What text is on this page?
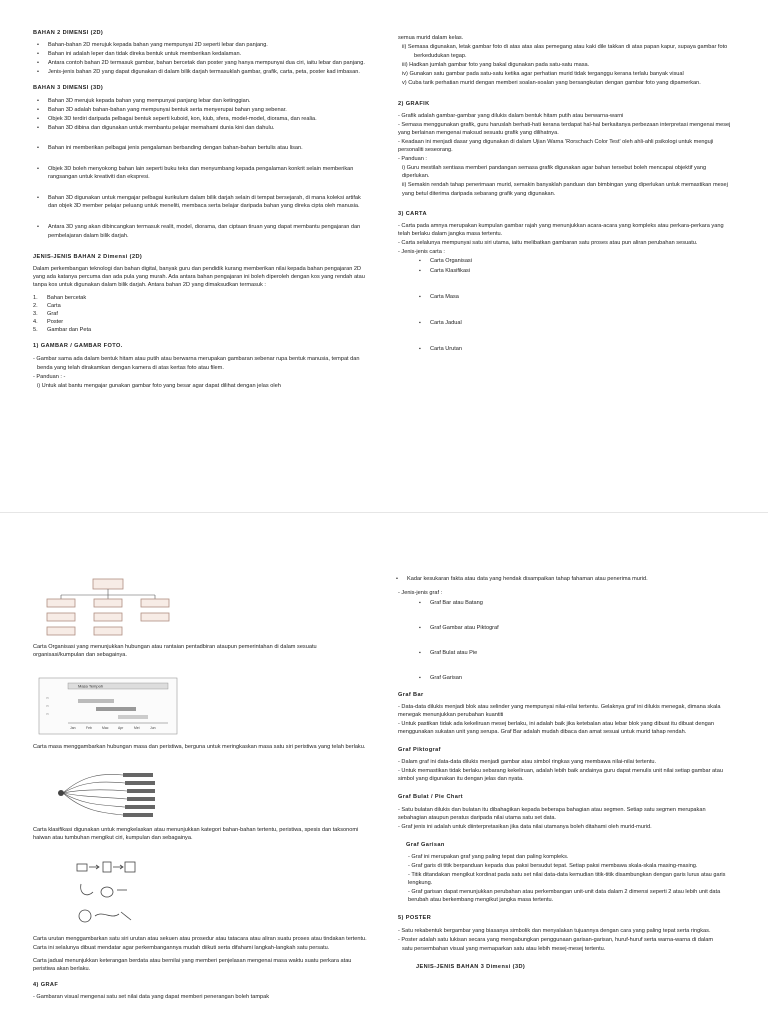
BAHAN 2 DIMENSI (2D)
• Bahan-bahan 2D merujuk kepada bahan yang mempunyai 2D seperti lebar dan panjang.
• Bahan ini adalah leper dan tidak direka bentuk untuk memberikan kedalaman.
• Antara contoh bahan 2D termasuk gambar, bahan bercetak dan poster yang hanya mempunyai dua ciri, iaitu lebar dan panjang.
• Jenis-jenis bahan 2D yang dapat digunakan di dalam bilik darjah termasuklah gambar, grafik, carta, peta, poster kad imbasan.
BAHAN 3 DIMENSI (3D)
• Bahan 3D merujuk kepada bahan yang mempunyai panjang lebar dan ketinggian.
• Bahan 3D adalah bahan-bahan yang mempunyai bentuk serta menyerupai bahan yang sebenar.
• Objek 3D terdiri daripada pelbagai bentuk seperti kuboid, kon, kiub, sfera, model-model, diorama, dan realia.
• Bahan 3D dibina dan digunakan untuk membantu pelajar memahami dunia kini dan dahulu.
• Bahan ini memberikan pelbagai jenis pengalaman berbanding dengan bahan-bahan bertulis atau lisan.
• Objek 3D boleh menyokong bahan lain seperti buku teks dan menyumbang kepada pengalaman konkrit selain memberikan rangsangan untuk kreativiti dan ekspresi.
• Bahan 3D digunakan untuk mengajar pelbagai kurikulum dalam bilik darjah selain di tempat bersejarah, di mana koleksi artifak dan objek 3D member pelajar peluang untuk meneliti, membaca serta belajar daripada bahan yang direka cipta oleh manusia.
• Antara 3D yang akan dibincangkan termasuk realit, model, diorama, dan ciptaan tiruan yang dapat membantu pengajaran dan pembelajaran dalam bilik darjah.
JENIS-JENIS BAHAN 2 Dimensi (2D)

Dalam perkembangan teknologi dan bahan digital, banyak guru dan pendidik kurang memberikan nilai kepada bahan pengajaran 2D yang ada katanya percuma dan ada pula yang murah. Ada antara bahan pengajaran ini boleh diperoleh dengan kos yang rendah atau tanpa kos untuk digunakan dalam bilik darjah. Antara bahan 2D yang dimaksudkan termasuk :

1. Bahan bercetak
2. Carta
3. Graf
4. Poster
5. Gambar dan Peta
1) GAMBAR / GAMBAR FOTO.
- Gambar sama ada dalam bentuk hitam atau putih atau berwarna merupakan gambaran sebenar rupa bentuk manusia, tempat dan
benda yang telah dirakamkan dengan kamera di atas kertas foto atau filem.
- Panduan : -
i) Untuk alat bantu mengajar gunakan gambar foto yang besar agar dapat dilihat dengan jelas oleh
semua murid dalam kelas.
ii) Semasa digunakan, letak gambar foto di atas atas alas pemegang atau kaki dile takkan di atas papan kapur, supaya gambar foto
berkedudukan tegap.
iii) Hadkan jumlah gambar foto yang bakal digunakan pada satu-satu masa.
iv) Gunakan satu gambar pada satu-satu ketika agar perhatian murid tidak terganggu kerana terlalu banyak visual
v) Cuba tarik perhatian murid dengan memberi soalan-soalan yang bersangkutan dengan gambar foto yang dipamerkan.
2) GRAFIK
- Grafik adalah gambar-gambar yang dilukis dalam bentuk hitam putih atau berwarna-warni
- Semasa menggunakan grafik, guru haruslah berhati-hati kerana terdapat hal-hal berkaitanya perbezaan interpretasi mengenai mesej yang berlainan mengenai maksud sesuatu grafik yang dilihatnya.
- Keadaan ini menjadi dasar yang digunakan di dalam Ujian Warna 'Rorschach Color Test' oleh ahli-ahli psikologi untuk menguji personaliti seseorang.
- Panduan :
i) Guru mestilah sentiasa memberi pandangan semasa grafik digunakan agar bahan tersebut boleh mencapai objektif yang diperlukan.
ii) Semakin rendah tahap penerimaan murid, semakin banyaklah panduan dan bimbingan yang diperlukan untuk memastikan mesej yang betul diterima daripada sebarang grafik yang digunakan.
3) CARTA
- Carta pada amnya merupakan kumpulan gambar rajah yang menunjukkan acara-acara yang kompleks atau perkara-perkara yang telah berlaku dalam jangka masa tertentu.
- Carta selalunya mempunyai satu siri utama, iaitu melibatkan gambaran satu proses atau pun aliran perubahan sesuatu.
- Jenis-jenis carta :
▪ Carta Organisasi
▪ Carta Klasifikasi
▪ Carta Masa
▪ Carta Jadual
▪ Carta Urutan

Carta Organisasi yang menunjukkan hubungan atau rantaian pentadbiran ataupun pemerintahan di dalam sesuatu organisasi/kumpulan dan sebagainya.

Masa Tempoh
▭
▭
▭
Jan	Feb	Mac	Apr	Mei	Jun

Carta masa menggambarkan hubungan masa dan peristiwa, berguna untuk meringkaskan masa satu siri peristiwa yang telah berlaku.

Carta klasifikasi digunakan untuk mengkelaskan atau menunjukkan kategori bahan-bahan tertentu, peristiwa, spesis dan taksonomi haiwan atau tumbuhan mengikut ciri, kumpulan dan sebagainya.

Carta urutan menggambarkan satu siri urutan atau sekuen atau prosedur atau tatacara atau aliran suatu proses atau tindakan tertentu. Carta ini selalunya dibuat mendatar agar perkembangannya mudah diikuti serta difahami langkah-langkah satu persatu.

Carta jadual menunjukkan keterangan berdata atau bernilai yang memberi penjelasan mengenai masa waktu suatu perkara atau peristiwa akan berlaku.

4) GRAF
- Gambaran visual mengenai satu set nilai data yang dapat memberi penerangan boleh tampak
• Kadar kesukaran fakta atau data yang hendak disampaikan tahap fahaman atau penerima murid.
- Jenis-jenis graf :
▪ Graf Bar atau Batang
▪ Graf Gambar atau Piktograf
▪ Graf Bulat atau Pie
▪ Graf Garisan
Graf Bar
- Data-data dilukis menjadi blok atau selinder yang mempunyai nilai-nilai tertentu. Gelaknya graf ini dilukis menegak, dimana skala menegak menunjukkan perubahan kuantiti
- Untuk pastikan tidak ada kekeliruan mesej berlaku, ini adalah baik jika ketebalan atau lebar blok yang dibuat itu dibuat dengan menggunakan sukatan unit yang serupa. Graf Bar adalah mudah dibaca dan amat sesuai untuk murid tahap rendah.
Graf Piktograf
- Dalam graf ini data-data dilukis menjadi gambar atau simbol ringkas yang membawa nilai-nilai tertentu.
- Untuk memastikan tidak berlaku sebarang kekeliruan, adalah lebih baik andainya guru dapat menulis unit nilai setiap gambar atau simbol yang digunakan itu dengan jelas dan nyata.
Graf Bulat / Pie Chart
- Satu bulatan dilukis dan bulatan itu dibahagikan kepada beberapa bahagian atau segmen. Setiap satu segmen merupakan sebahagian ataupun peratus daripada nilai utama satu set data.
- Graf jenis ini adalah untuk diinterpretasikan jika data nilai utamanya boleh ditahami oleh murid-murid.
Graf Garisan
- Graf ini merupakan graf yang paling tepat dan paling kompleks.
- Graf garis di titik berpanduan kepada dua paksi bersudut tepat. Setiap paksi membawa skala-skala masing-masing.
- Titik ditandakan mengikut kordinat pada satu set nilai data-data kemudian titik-titik disambungkan dengan garis lurus atau garis lengkung.
- Graf garisan dapat menunjukkan perubahan atau perkembangan unit-unit data dalam 2 dimensi seperti 2 atau lebih unit data berubah atau berkembang mengikut jangka masa tertentu.
5) POSTER
- Satu rekabentuk bergambar yang biasanya simbolik dan menyalakan tujuannya dengan cara yang paling tepat serta ringkas.
- Poster adalah satu lukisan secara yang mengabungkan penggunaan garisan-garisan, huruf-huruf serta warna-warna di dalam
satu persembahan visual yang memaparkan satu atau lebih mesej-mesej tertentu.
JENIS-JENIS BAHAN 3 Dimensi (3D)
